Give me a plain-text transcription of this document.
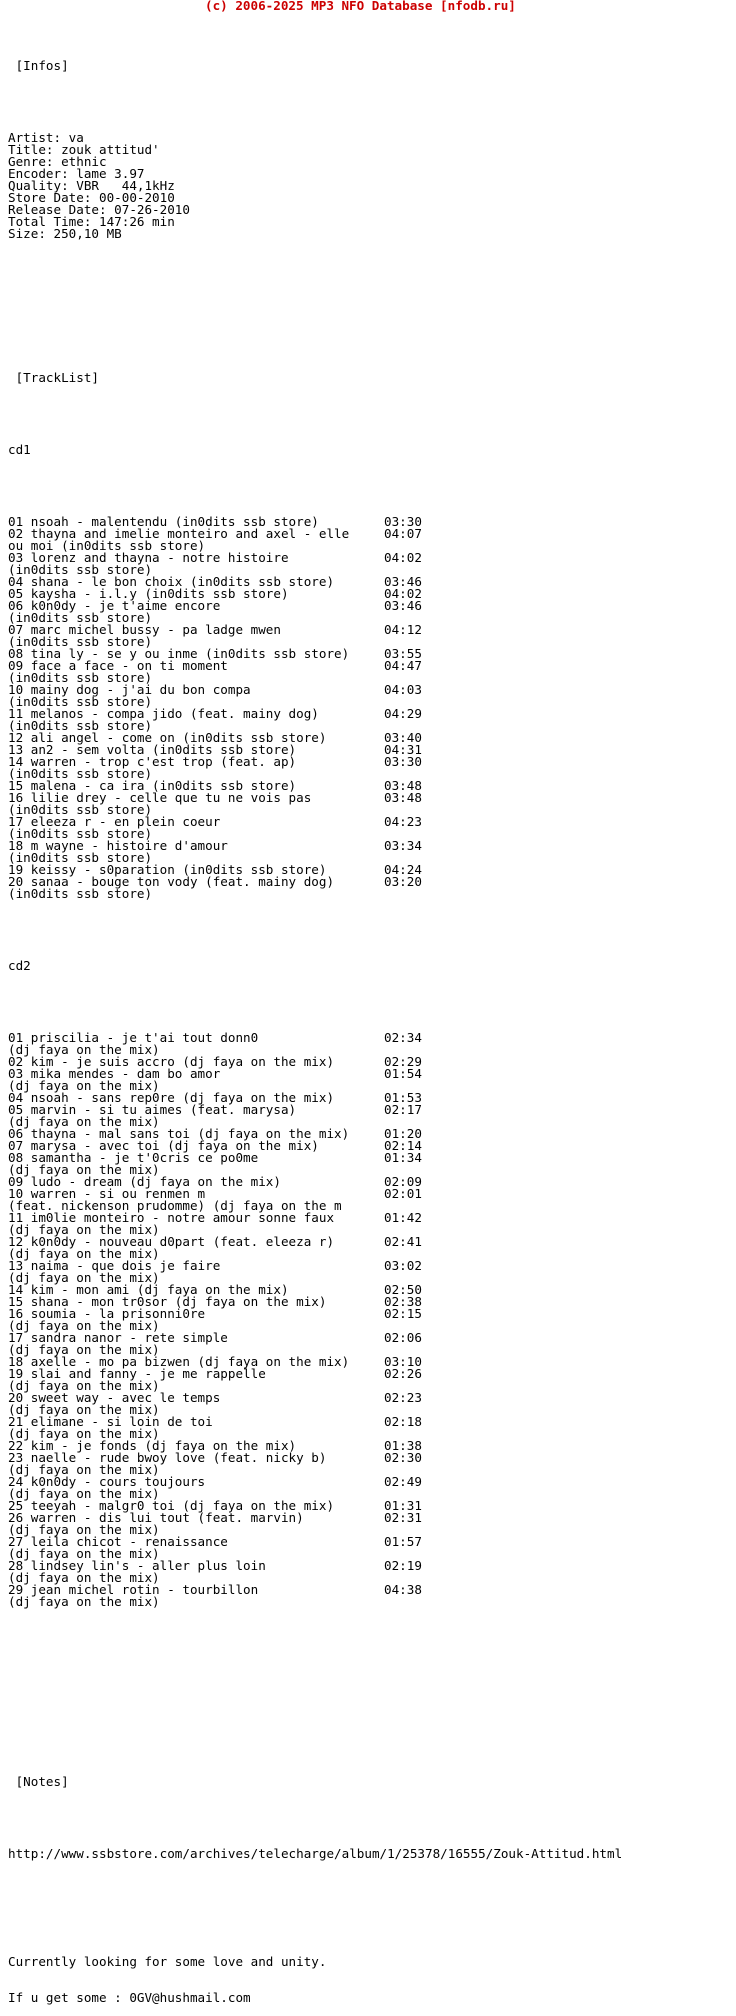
(c) 2006-2025 MP3 NFO Database [nfodb.ru]

[Infos]

Artist: va
Title: zouk attitud'
Genre: ethnic
Encoder: lame 3.97
Quality: VBR   44,1kHz
Store Date: 00-00-2010
Release Date: 07-26-2010
Total Time: 147:26 min
Size: 250,10 MB

[TrackList]

cd1

01 nsoah - malentendu (in0dits ssb store)	03:30
02 thayna and imelie monteiro and axel - elle	04:07
ou moi (in0dits ssb store)
03 lorenz and thayna - notre histoire	04:02
(in0dits ssb store)
04 shana - le bon choix (in0dits ssb store)	03:46
05 kaysha - i.l.y (in0dits ssb store)	04:02
06 k0n0dy - je t'aime encore	03:46
(in0dits ssb store)
07 marc michel bussy - pa ladge mwen	04:12
(in0dits ssb store)
08 tina ly - se y ou inme (in0dits ssb store)	03:55
09 face a face - on ti moment	04:47
(in0dits ssb store)
10 mainy dog - j'ai du bon compa	04:03
(in0dits ssb store)
11 melanos - compa jido (feat. mainy dog)	04:29
(in0dits ssb store)
12 ali angel - come on (in0dits ssb store)	03:40
13 an2 - sem volta (in0dits ssb store)	04:31
14 warren - trop c'est trop (feat. ap)	03:30
(in0dits ssb store)
15 malena - ca ira (in0dits ssb store)	03:48
16 lilie drey - celle que tu ne vois pas	03:48
(in0dits ssb store)
17 eleeza r - en plein coeur	04:23
(in0dits ssb store)
18 m wayne - histoire d'amour	03:34
(in0dits ssb store)
19 keissy - s0paration (in0dits ssb store)	04:24
20 sanaa - bouge ton vody (feat. mainy dog)	03:20
(in0dits ssb store)

cd2

01 priscilia - je t'ai tout donn0	02:34
(dj faya on the mix)
02 kim - je suis accro (dj faya on the mix)	02:29
03 mika mendes - dam bo amor	01:54
(dj faya on the mix)
04 nsoah - sans rep0re (dj faya on the mix)	01:53
05 marvin - si tu aimes (feat. marysa)	02:17
(dj faya on the mix)
06 thayna - mal sans toi (dj faya on the mix)	01:20
07 marysa - avec toi (dj faya on the mix)	02:14
08 samantha - je t'0cris ce po0me	01:34
(dj faya on the mix)
09 ludo - dream (dj faya on the mix)	02:09
10 warren - si ou renmen m	02:01
(feat. nickenson prudomme) (dj faya on the m
11 im0lie monteiro - notre amour sonne faux	01:42
(dj faya on the mix)
12 k0n0dy - nouveau d0part (feat. eleeza r)	02:41
(dj faya on the mix)
13 naima - que dois je faire	03:02
(dj faya on the mix)
14 kim - mon ami (dj faya on the mix)	02:50
15 shana - mon tr0sor (dj faya on the mix)	02:38
16 soumia - la prisonni0re	02:15
(dj faya on the mix)
17 sandra nanor - rete simple	02:06
(dj faya on the mix)
18 axelle - mo pa bizwen (dj faya on the mix)	03:10
19 slai and fanny - je me rappelle	02:26
(dj faya on the mix)
20 sweet way - avec le temps	02:23
(dj faya on the mix)
21 elimane - si loin de toi	02:18
(dj faya on the mix)
22 kim - je fonds (dj faya on the mix)	01:38
23 naelle - rude bwoy love (feat. nicky b)	02:30
(dj faya on the mix)
24 k0n0dy - cours toujours	02:49
(dj faya on the mix)
25 teeyah - malgr0 toi (dj faya on the mix)	01:31
26 warren - dis lui tout (feat. marvin)	02:31
(dj faya on the mix)
27 leila chicot - renaissance	01:57
(dj faya on the mix)
28 lindsey lin's - aller plus loin	02:19
(dj faya on the mix)
29 jean michel rotin - tourbillon	04:38
(dj faya on the mix)

[Notes]

http://www.ssbstore.com/archives/telecharge/album/1/25378/16555/Zouk-Attitud.html

Currently looking for some love and unity.

If u get some : 0GV@hushmail.com
